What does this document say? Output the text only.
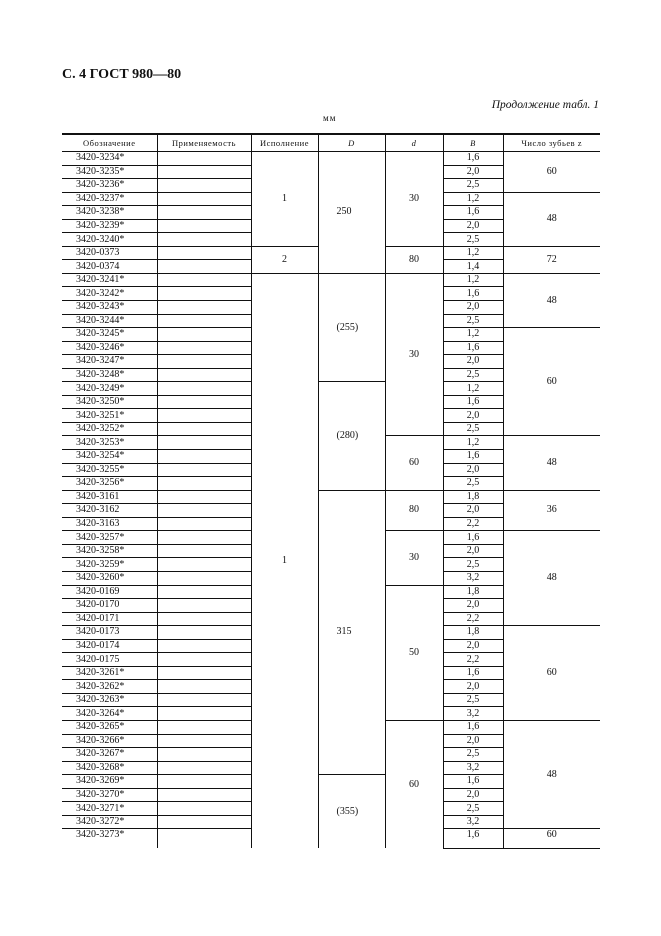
С. 4 ГОСТ 980—80
Продолжение табл. 1
мм
Обозначение	Применяемость	Исполнение	D	d	B	Число зубьев z
3420-3234*		1	250	30	1,6	60
3420-3235*					2,0	
3420-3236*					2,5	
3420-3237*					1,2	48
3420-3238*					1,6	
3420-3239*					2,0	
3420-3240*					2,5	
3420-0373		2		80	1,2	72
3420-0374					1,4	
3420-3241*		1	(255)	30	1,2	48
3420-3242*					1,6	
3420-3243*					2,0	
3420-3244*					2,5	
3420-3245*					1,2	60
3420-3246*					1,6	
3420-3247*					2,0	
3420-3248*					2,5	
3420-3249*			(280)		1,2	
3420-3250*					1,6	
3420-3251*					2,0	
3420-3252*					2,5	
3420-3253*				60	1,2	48
3420-3254*					1,6	
3420-3255*					2,0	
3420-3256*					2,5	
3420-3161			315	80	1,8	36
3420-3162					2,0	
3420-3163					2,2	
3420-3257*				30	1,6	48
3420-3258*					2,0	
3420-3259*					2,5	
3420-3260*					3,2	
3420-0169				50	1,8	
3420-0170					2,0	
3420-0171					2,2	
3420-0173					1,8	60
3420-0174					2,0	
3420-0175					2,2	
3420-3261*					1,6	
3420-3262*					2,0	
3420-3263*					2,5	
3420-3264*					3,2	
3420-3265*				60	1,6	48
3420-3266*					2,0	
3420-3267*					2,5	
3420-3268*					3,2	
3420-3269*			(355)		1,6	
3420-3270*					2,0	
3420-3271*					2,5	
3420-3272*					3,2	
3420-3273*					1,6	60
